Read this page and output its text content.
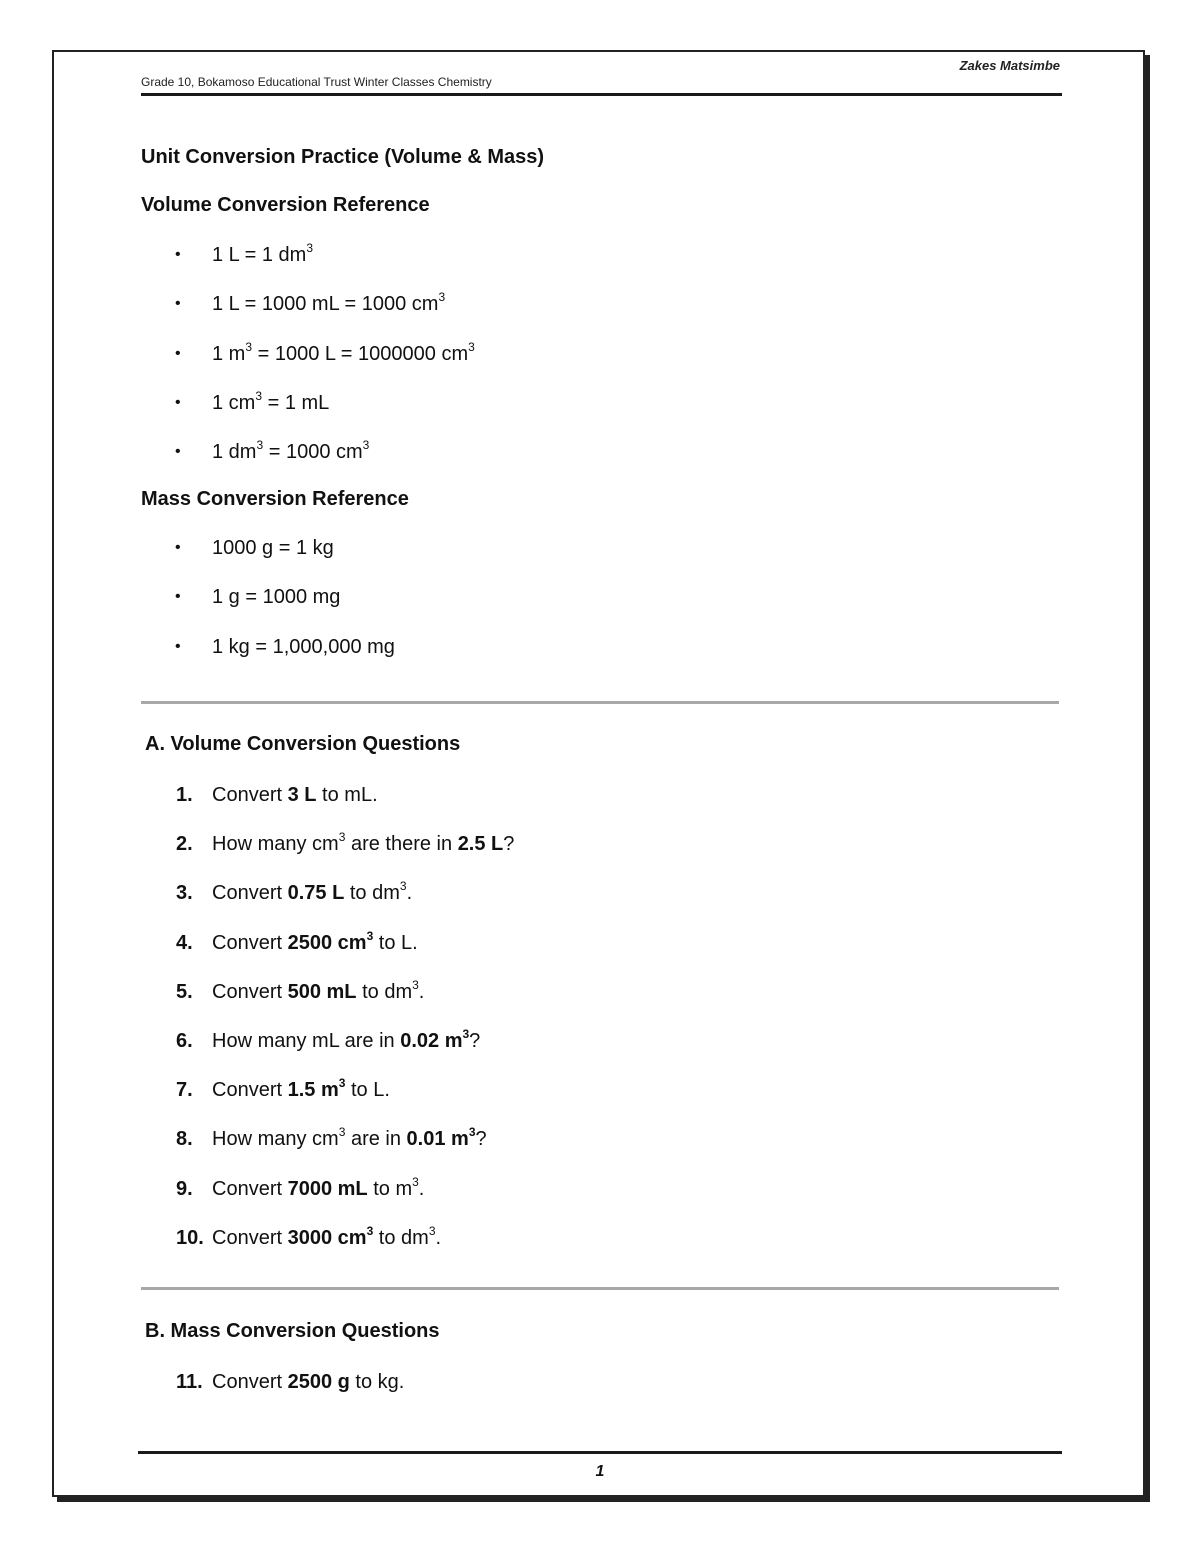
Grade 10, Bokamoso Educational Trust Winter Classes Chemistry
Zakes Matsimbe
Unit Conversion Practice (Volume & Mass)
Volume Conversion Reference
• 1 L = 1 $dm^3$
• 1 L = 1000 mL = 1000 $cm^3$
• 1 $m^3 = 1000$ L = 1000000 $cm^3$
• 1 $cm^3 = 1$ mL
• 1 $dm^3 = 1000$ $cm^3$
Mass Conversion Reference
• 1000 g = 1 kg
• 1 g = 1000 mg
• 1 kg = 1,000,000 mg
A. Volume Conversion Questions
1. Convert 3 L to mL.
2. How many $cm^3$ are there in 2.5 L?
3. Convert 0.75 L to $dm^3$.
4. Convert 2500 $cm^3$ to L.
5. Convert 500 mL to $dm^3$.
6. How many mL are in 0.02 $m^3$?
7. Convert 1.5 $m^3$ to L.
8. How many $cm^3$ are in 0.01 $m^3$?
9. Convert 7000 mL to $m^3$.
10. Convert 3000 $cm^3$ to $dm^3$.
B. Mass Conversion Questions
11. Convert 2500 g to kg.
1
